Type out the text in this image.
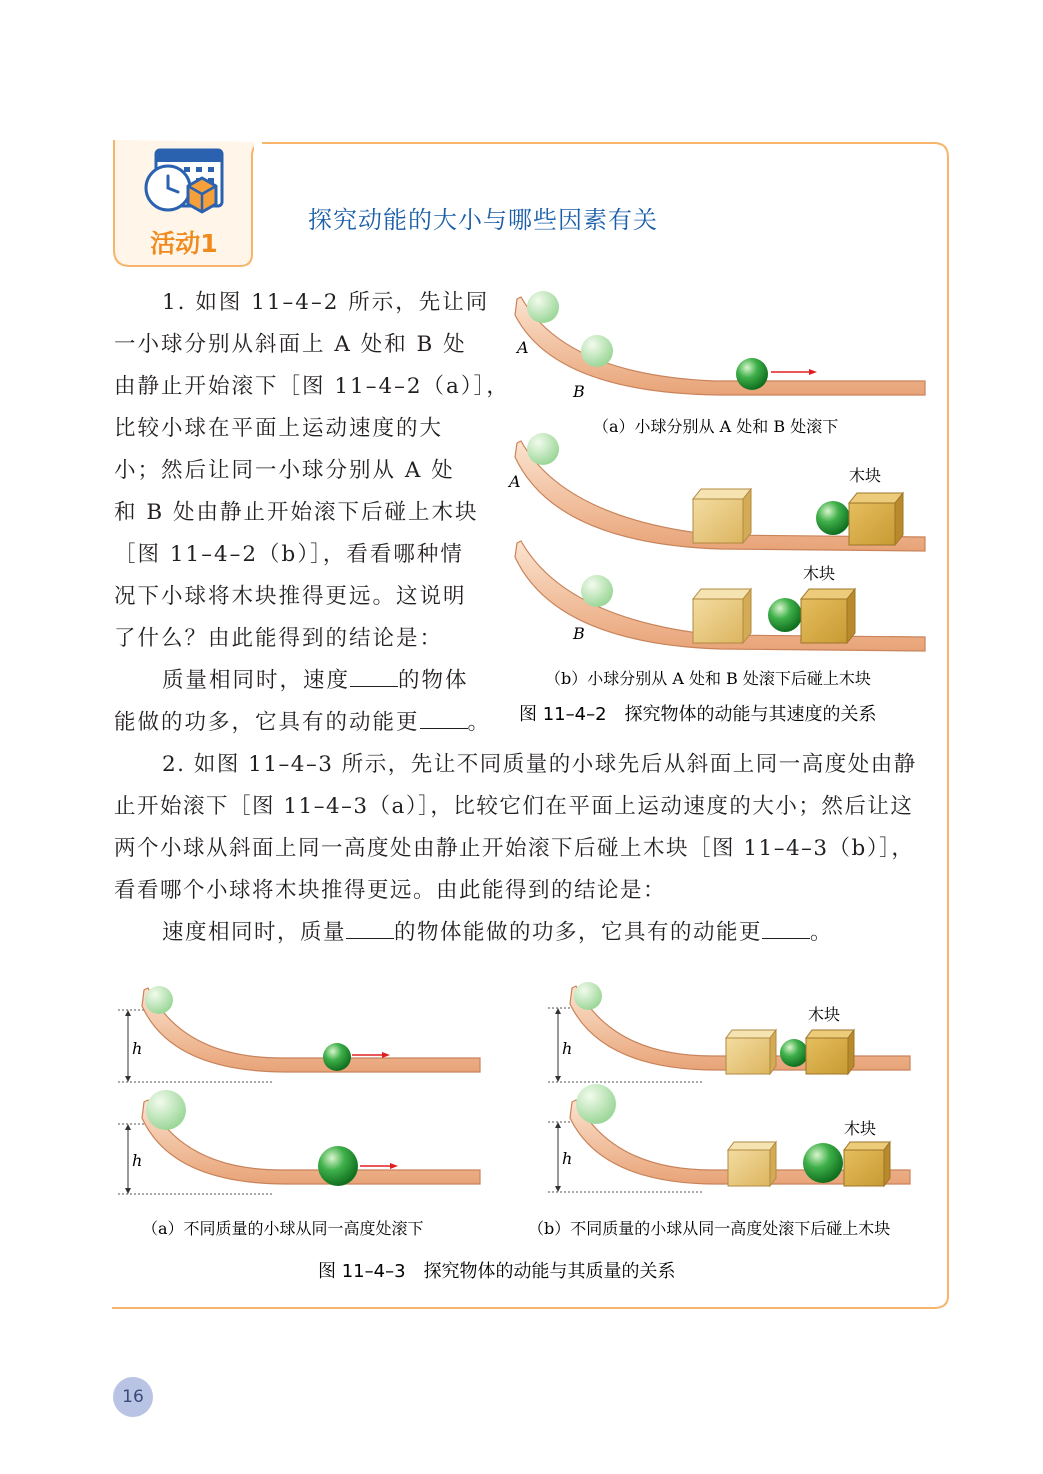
活动1
探究动能的大小与哪些因素有关
1. 如图 11–4–2 所示，先让同
一小球分别从斜面上 A 处和 B 处
由静止开始滚下［图 11–4–2（a）］，
比较小球在平面上运动速度的大
小；然后让同一小球分别从 A 处
和 B 处由静止开始滚下后碰上木块
［图 11–4–2（b）］，看看哪种情
况下小球将木块推得更远。这说明
了什么？由此能得到的结论是：
质量相同时，速度 的物体
能做的功多，它具有的动能更 。
2. 如图 11–4–3 所示，先让不同质量的小球先后从斜面上同一高度处由静
止开始滚下［图 11–4–3（a）］，比较它们在平面上运动速度的大小；然后让这
两个小球从斜面上同一高度处由静止开始滚下后碰上木块［图 11–4–3（b）］，
看看哪个小球将木块推得更远。由此能得到的结论是：
速度相同时，质量 的物体能做的功多，它具有的动能更 。
A
B
（a）小球分别从 A 处和 B 处滚下
A	木块
B
木块
（b）小球分别从 A 处和 B 处滚下后碰上木块
图 11–4–2　探究物体的动能与其速度的关系
h
h
（a）不同质量的小球从同一高度处滚下
h
木块
h
木块
（b）不同质量的小球从同一高度处滚下后碰上木块
图 11–4–3　探究物体的动能与其质量的关系
16
